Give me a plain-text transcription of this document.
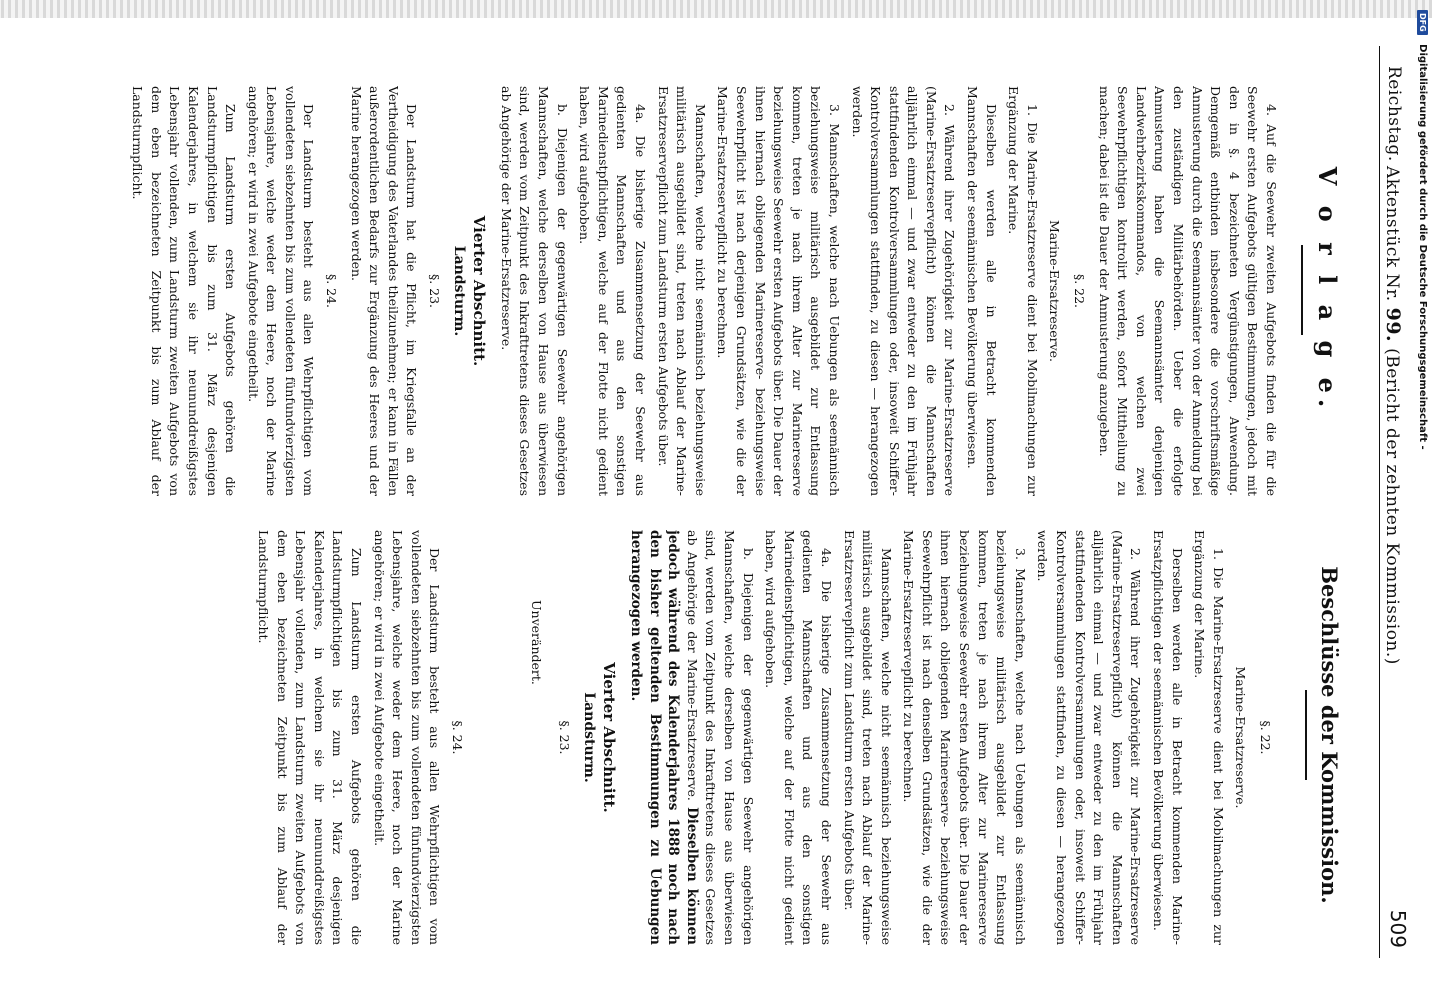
Reichstag.
Aktenstück Nr. 99. (Bericht der zehnten Kommission.)
509
V o r l a g e.

4. Auf die Seewehr zweiten Aufgebots finden die für die Seewehr ersten Aufgebots gültigen Bestimmungen, jedoch mit den in §. 4 bezeichneten Vergünstigungen, Anwendung. Demgemäß entbinden insbesondere die vorschriftsmäßige Anmusterung durch die Seemannsämter von der Anmeldung bei den zuständigen Militärbehörden. Ueber die erfolgte Anmusterung haben die Seemannsämter denjenigen Landwehrbezirkskommandos, von welchen zwei Seewehrpflichtigen kontrolirt werden, sofort Mittheilung zu machen; dabei ist die Dauer der Anmusterung anzugeben.

§. 22.

Marine-Ersatzreserve.

1. Die Marine-Ersatzreserve dient bei Mobilmachungen zur Ergänzung der Marine.

Dieselben werden alle in Betracht kommenden Mannschaften der seemännischen Bevölkerung überwiesen.

2. Während ihrer Zugehörigkeit zur Marine-Ersatzreserve (Marine-Ersatzreservepflicht) können die Mannschaften alljährlich einmal — und zwar entweder zu den im Frühjahr stattfindenden Kontrolversammlungen oder, insoweit Schiffer-Kontrolversammlungen stattfinden, zu diesen — herangezogen werden.

3. Mannschaften, welche nach Uebungen als seemännisch beziehungsweise militärisch ausgebildet zur Entlassung kommen, treten je nach ihrem Alter zur Marinereserve beziehungsweise Seewehr ersten Aufgebots über. Die Dauer der ihnen hiernach obliegenden Marinereserve- beziehungsweise Seewehrpflicht ist nach derjenigen Grundsätzen, wie die der Marine-Ersatzreservepflicht zu berechnen.

Mannschaften, welche nicht seemännisch beziehungsweise militärisch ausgebildet sind, treten nach Ablauf der Marine-Ersatzreservepflicht zum Landsturm ersten Aufgebots über.

4a. Die bisherige Zusammensetzung der Seewehr aus gedienten Mannschaften und aus den sonstigen Marinedienstpflichtigen, welche auf der Flotte nicht gedient haben, wird aufgehoben.

b. Diejenigen der gegenwärtigen Seewehr angehörigen Mannschaften, welche derselben von Hause aus überwiesen sind, werden vom Zeitpunkt des Inkrafttretens dieses Gesetzes ab Angehörige der Marine-Ersatzreserve.

Vierter Abschnitt.

Landsturm.

§. 23.

Der Landsturm hat die Pflicht, im Kriegsfalle an der Vertheidigung des Vaterlandes theilzunehmen; er kann in Fällen außerordentlichen Bedarfs zur Ergänzung des Heeres und der Marine herangezogen werden.

§. 24.

Der Landsturm besteht aus allen Wehrpflichtigen vom vollendeten siebzehnten bis zum vollendeten fünfundvierzigsten Lebensjahre, welche weder dem Heere, noch der Marine angehören; er wird in zwei Aufgebote eingetheilt.

Zum Landsturm ersten Aufgebots gehören die Landsturmpflichtigen bis zum 31. März desjenigen Kalenderjahres, in welchem sie ihr neununddreißigstes Lebensjahr vollenden, zum Landsturm zweiten Aufgebots von dem eben bezeichneten Zeitpunkt bis zum Ablauf der Landsturmpflicht.

Beschlüsse der Kommission.

§. 22.

Marine-Ersatzreserve.

1. Die Marine-Ersatzreserve dient bei Mobilmachungen zur Ergänzung der Marine.

Derselben werden alle in Betracht kommenden Marine-Ersatzpflichtigen der seemännischen Bevölkerung überwiesen.

2. Während ihrer Zugehörigkeit zur Marine-Ersatzreserve (Marine-Ersatzreservepflicht) können die Mannschaften alljährlich einmal — und zwar entweder zu den im Frühjahr stattfindenden Kontrolversammlungen oder, insoweit Schiffer-Kontrolversammlungen stattfinden, zu diesen — herangezogen werden.

3. Mannschaften, welche nach Uebungen als seemännisch beziehungsweise militärisch ausgebildet zur Entlassung kommen, treten je nach ihrem Alter zur Marinereserve beziehungsweise Seewehr ersten Aufgebots über. Die Dauer der ihnen hiernach obliegenden Marinereserve- beziehungsweise Seewehrpflicht ist nach denselben Grundsätzen, wie die der Marine-Ersatzreservepflicht zu berechnen.

Mannschaften, welche nicht seemännisch beziehungsweise militärisch ausgebildet sind, treten nach Ablauf der Marine-Ersatzreservepflicht zum Landsturm ersten Aufgebots über.

4a. Die bisherige Zusammensetzung der Seewehr aus gedienten Mannschaften und aus den sonstigen Marinedienstpflichtigen, welche auf der Flotte nicht gedient haben, wird aufgehoben.

b. Diejenigen der gegenwärtigen Seewehr angehörigen Mannschaften, welche derselben von Hause aus überwiesen sind, werden vom Zeitpunkt des Inkrafttretens dieses Gesetzes ab Angehörige der Marine-Ersatzreserve. Dieselben können jedoch während des Kalenderjahres 1888 noch nach den bisher geltenden Bestimmungen zu Uebungen herangezogen werden.

Vierter Abschnitt.

Landsturm.

§. 23.

Unverändert.

§. 24.

Der Landsturm besteht aus allen Wehrpflichtigen vom vollendeten siebzehnten bis zum vollendeten fünfundvierzigsten Lebensjahre, welche weder dem Heere, noch der Marine angehören; er wird in zwei Aufgebote eingetheilt.

Zum Landsturm ersten Aufgebots gehören die Landsturmpflichtigen bis zum 31. März desjenigen Kalenderjahres, in welchem sie ihr neununddreißigstes Lebensjahr vollenden, zum Landsturm zweiten Aufgebots von dem eben bezeichneten Zeitpunkt bis zum Ablauf der Landsturmpflicht.

DFG Digitalisierung gefördert durch die Deutsche Forschungsgemeinschaft -
